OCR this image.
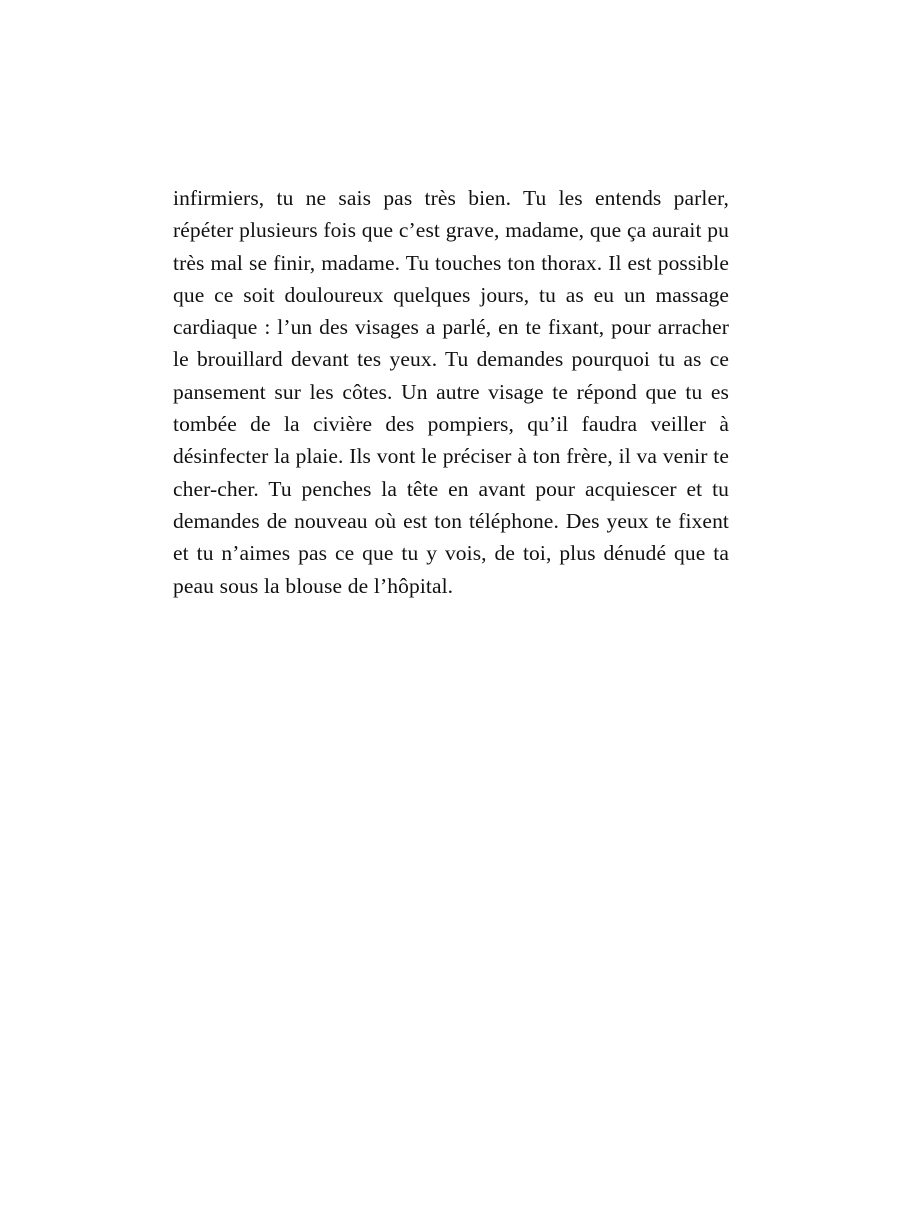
infirmiers, tu ne sais pas très bien. Tu les entends parler, répéter plusieurs fois que c’est grave, madame, que ça aurait pu très mal se finir, madame. Tu touches ton thorax. Il est possible que ce soit douloureux quelques jours, tu as eu un massage cardiaque : l’un des visages a parlé, en te fixant, pour arracher le brouillard devant tes yeux. Tu demandes pourquoi tu as ce pansement sur les côtes. Un autre visage te répond que tu es tombée de la civière des pompiers, qu’il faudra veiller à désinfecter la plaie. Ils vont le préciser à ton frère, il va venir te cher-cher. Tu penches la tête en avant pour acquiescer et tu demandes de nouveau où est ton téléphone. Des yeux te fixent et tu n’aimes pas ce que tu y vois, de toi, plus dénudé que ta peau sous la blouse de l’hôpital.
